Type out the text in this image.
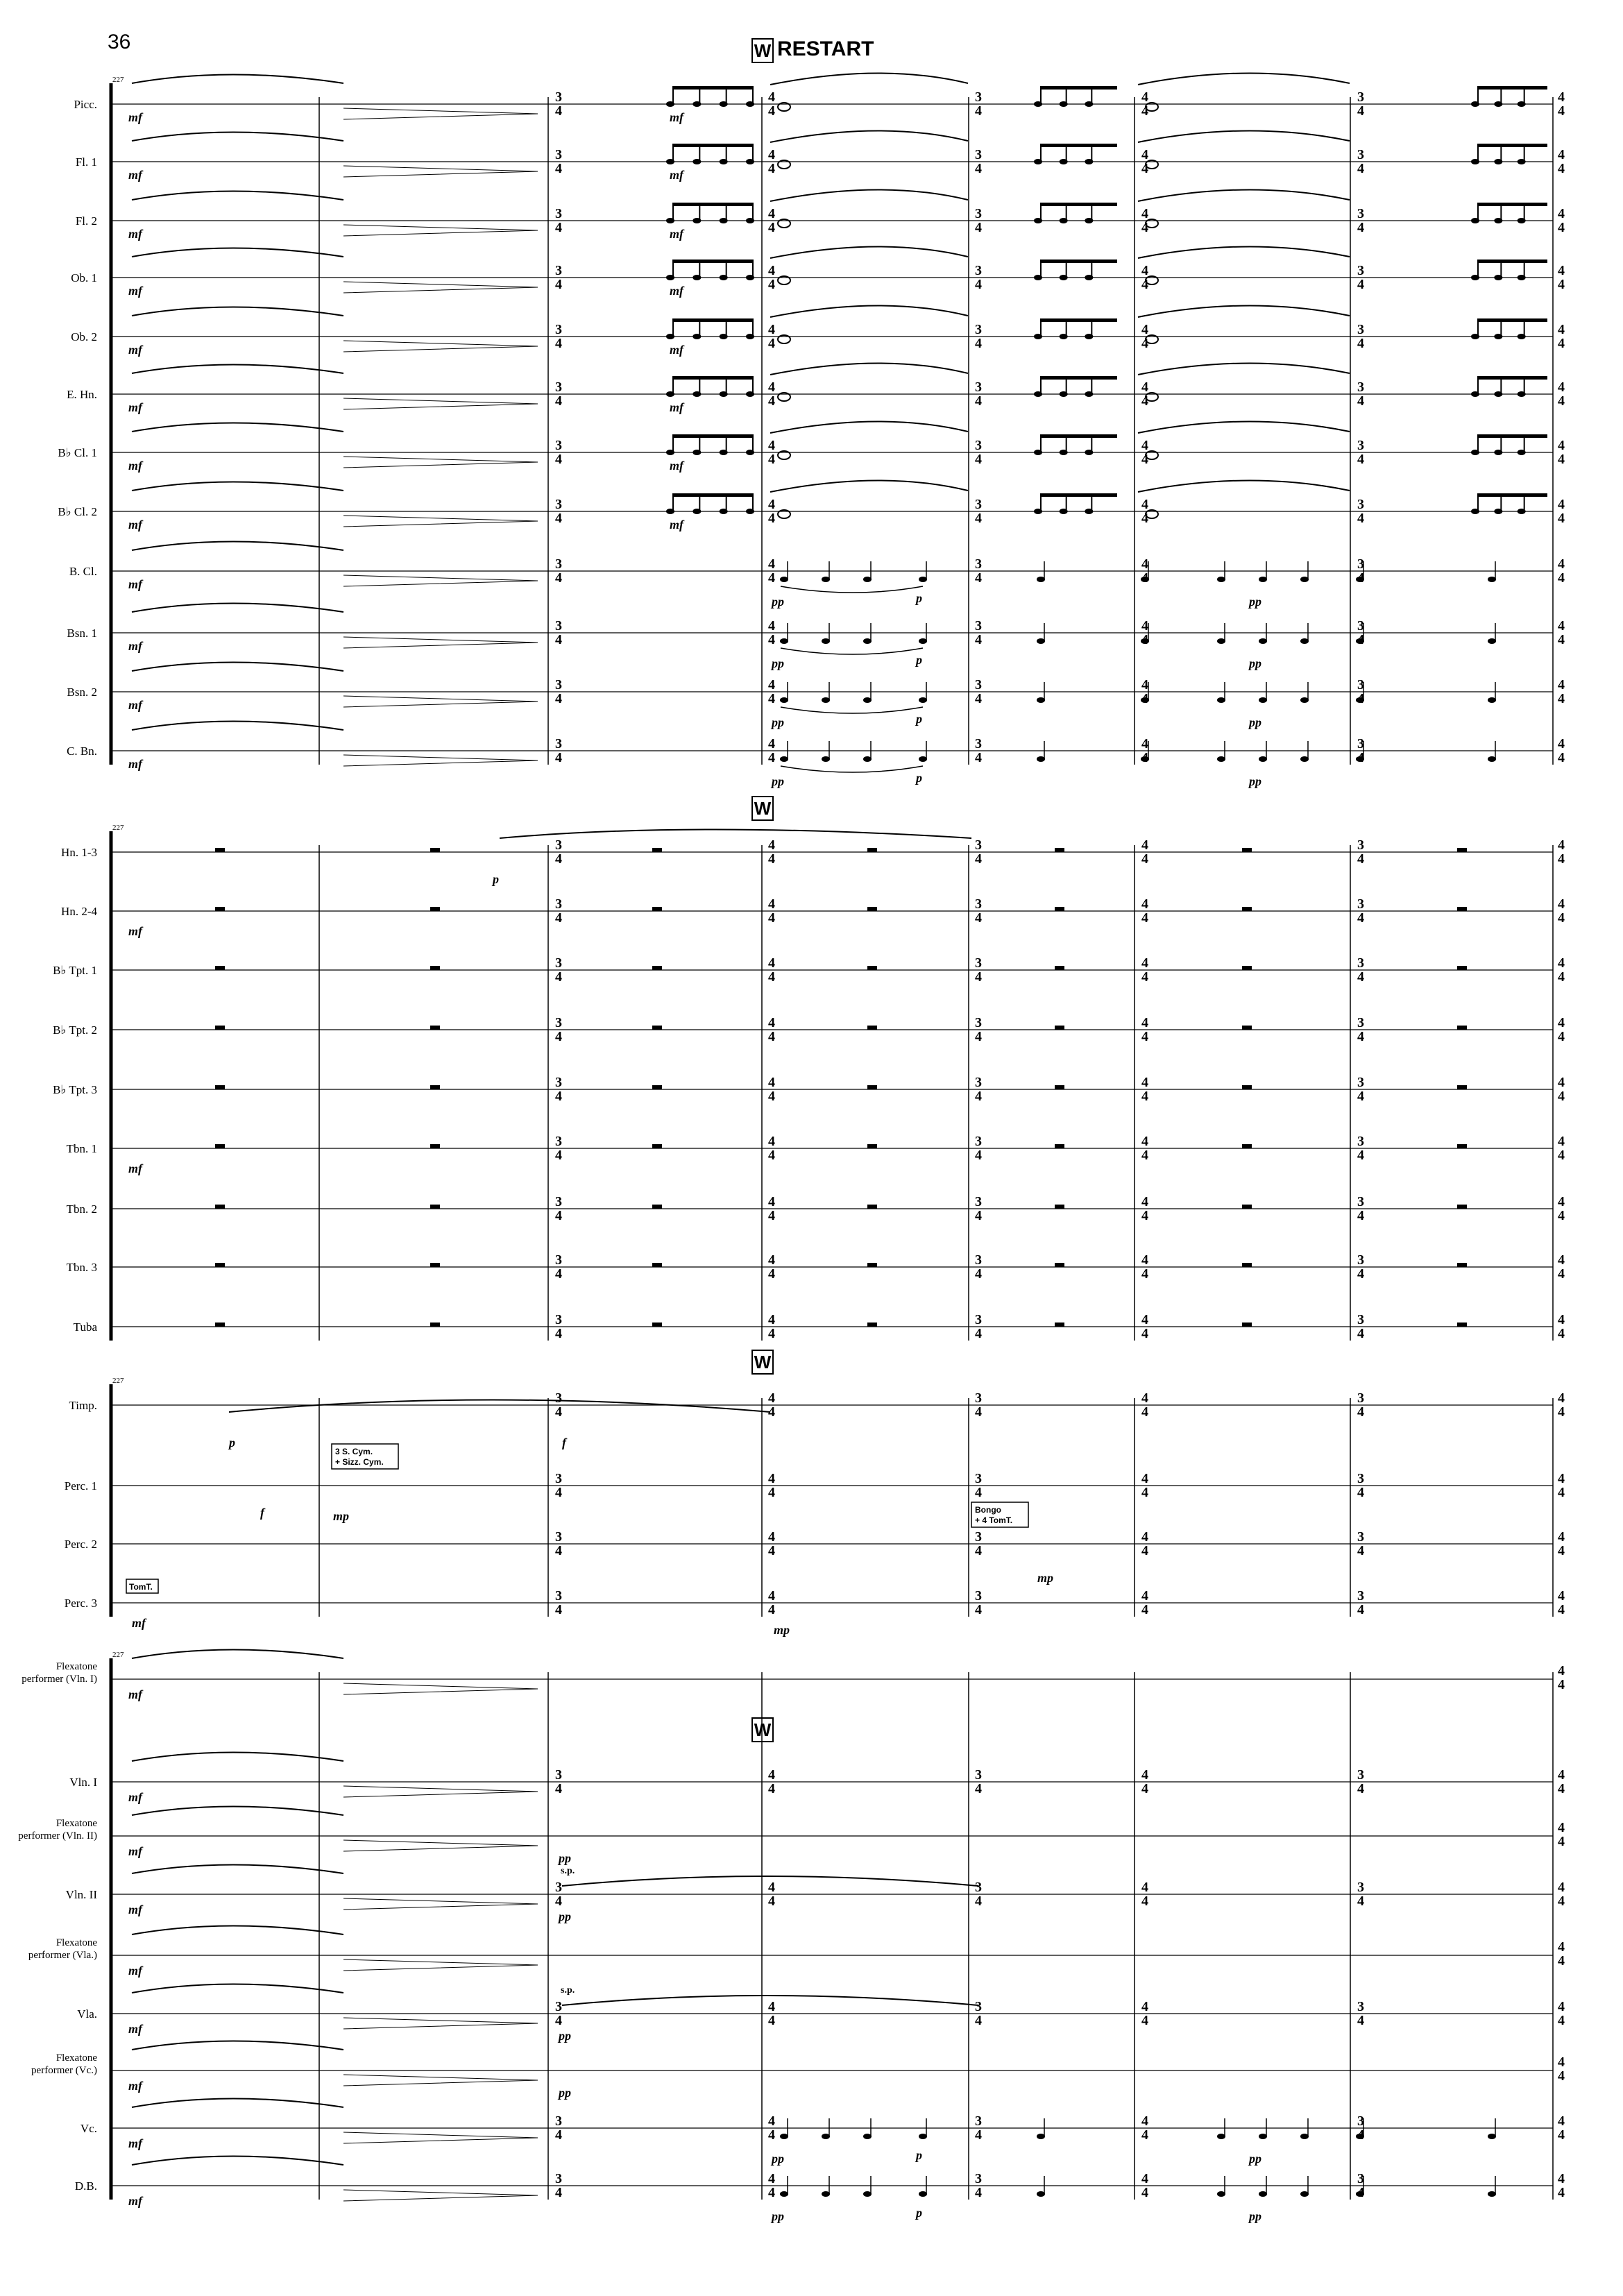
36	RESTART
Picc.
Fl. 1
Fl. 2
Ob. 1
Ob. 2
E. Hn.
B♭ Cl. 1
B♭ Cl. 2
B. Cl.
Bsn. 1
Bsn. 2
C. Bn.
Hn. 1-3
Hn. 2-4
B♭ Tpt. 1
B♭ Tpt. 2
B♭ Tpt. 3
Tbn. 1
Tbn. 2
Tbn. 3
Tuba
Timp.
Perc. 1
Perc. 2
Perc. 3
Flexatone
performer (Vln. I)
Vln. I
Flexatone
performer (Vln. II)
Vln. II
Flexatone
performer (Vla.)
Vla.
Flexatone
performer (Vc.)
Vc.
D.B.
227
227
227
227
W
W
W
W
3
4
4
4
3
4
4
4
3
4
4
4
3
4
4
4
3
4
4
4
3
4
4
4
3
4
4
4
3
4
4
4
3
4
4
4
3
4
4
4
3
4
4
4
3
4
4
4
3
4
4
4
3
4
4
4
3
4
4
4
3
4
4
4
3
4
4
4
3
4
4
4
3
4
4
4
3
4
4
4
3
4
4
4
3
4
4
4
3
4
4
4
3
4
4
4
3
4
4
4
3
4
4	3	4
4
3
4
4
4
3
4
4	3	4
4
3
4
4
4
3
4
4	3	4
4
3
4
4
4
3
4
4	3	4
4
3
4
4
4
3
4
4
4
3
4
4
4
3
4
4
4
3
4
4
4
3
4
4
4
3
4
4
4
3
4
4
4
3
4
4
4
3
4
4
4
3
4
4
4
3
4
4
4
3
4
4
4
3
4
4
4
3
4
4
4
3
4
4
4
3
4
4
4
3
4
4
4
3
4
4
4
3
4
4
4
3
4
4
4
3
4
4
4
3
4
4
4
3
4
4
4
3
4
4
4
3
4
4
4
3
4
4
4
3
4
4
4
3
4
4
4
3
4
4
4
3
4
4
4
3
4
4
4
3
4
4
4
3
4
4
4
3
4
4
4
3
4
4
4
3
4
4
4
3
4
4
4
3
4
4
4
4
4
3
4
4
4
3
4
4
4
3
4
4
4
4
4
3
4
4
4
3
4
4
4
3
4
4
4
4
4
3
4
4
4
3
4
4
4
3
4
4
4
4
4
3
4
4
4
3
4
4
4
3	4
4
3
4
4
4
3
4
4
4
3	4
4
mf	mf
mf	mf
mf	mf
mf	mf
mf	mf
mf	mf
mf	mf
mf	mf
mf
pp	p	pp
mf
pp	p	pp
mf
pp	p	pp
mf
pp	p	pp
p
mf
mf
p	f
3 S. Cym.
+ Sizz. Cym.
f	mp	Bongo
+ 4 TomT.
mp
TomT.
mf	mp
mf
mf
mf
mf
mf
mf
mf
mf
mf
pp
pp
s.p.
pp
s.p.
pp
pp	p	pp
pp	p	pp
